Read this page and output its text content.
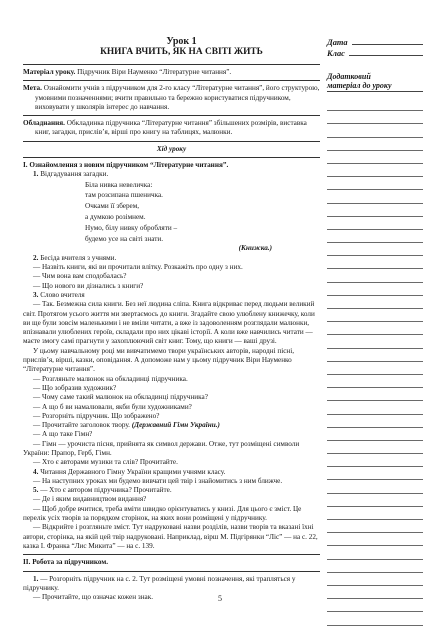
Урок 1
КНИГА ВЧИТЬ, ЯК НА СВІТІ ЖИТЬ

Матеріал уроку. Підручник Віри Науменко “Літературне читання”.

Мета. Ознайомити учнів з підручником для 2-го класу “Літературне читання”, його структурою, умовними позначеннями; вчити правильно та бережно користуватися підручником, виховувати у школярів інтерес до навчання.

Обладнання. Обкладинка підручника “Літературне читання” збільшених розмірів, виставка книг, загадки, прислів’я, вірші про книгу на таблицях, малюнки.

Хід уроку

І. Ознайомлення з новим підручником “Літературне читання”.

1. Відгадування загадки.

Біла нивка невеличка:
там розсипана пшеничка.
Очками її зберем,
а думкою розімнем.
Нумо, білу нивку обробляти –
будемо усе на світі знати.

(Книжка.)

2. Бесіда вчителя з учнями.

— Назвіть книги, які ви прочитали влітку. Розкажіть про одну з них.

— Чим вона вам сподобалась?

— Що нового ви дізнались з книги?

3. Слово вчителя

— Так. Безмежна сила книги. Без неї людина сліпа. Книга відкриває перед людьми великий світ. Протягом усього життя ми звертаємось до книги. Згадайте свою улюблену книжечку, коли ви ще були зовсім маленькими і не вміли читати, а вже із задоволенням розглядали малюнки, впізнавали улюблених героїв, складали про них цікаві історії. А коли вже навчились читати — маєте змогу самі прагнути у захоплюючий світ книг. Тому, що книги — ваші друзі.

У цьому навчальному році ми вивчатимемо твори українських авторів, народні пісні, прислів’я, вірші, казки, оповідання. А допоможе нам у цьому підручник Віри Науменко “Літературне читання”.

— Розгляньте малюнок на обкладинці підручника.

— Що зобразив художник?

— Чому саме такий малюнок на обкладинці підручника?

— А що б ви намалювали, якби були художниками?

— Розгорніть підручник. Що зображено?

— Прочитайте заголовок твору. (Державний Гімн України.)

— А що таке Гімн?

— Гімн — урочиста пісня, прийнята як символ держави. Отже, тут розміщені символи України: Прапор, Герб, Гімн.

— Хто є авторами музики та слів? Прочитайте.

4. Читання Державного Гімну України кращими учнями класу.

— На наступних уроках ми будемо вивчати цей твір і знайомитись з ним ближче.

5. — Хто є автором підручника? Прочитайте.

— Де і яким видавництвом видання?

— Щоб добре вчитися, треба вміти швидко орієнтуватись у книзі. Для цього є зміст. Це перелік усіх творів за порядком сторінок, на яких вони розміщені у підручнику.

— Відкрийте і розгляньте зміст. Тут надруковані назви розділів, назви творів та вказані їхні автори, сторінка, на якій цей твір надруковані. Наприклад, вірш М. Підгірянки “Ліс” — на с. 22, казка І. Франка “Лис Микита” — на с. 139.

ІІ. Робота за підручником.

1. — Розгорніть підручник на с. 2. Тут розміщені умовні позначення, які трапляться у підручнику.

— Прочитайте, що означає кожен знак.

Дата
Клас
Додатковий
матеріал до уроку
5
